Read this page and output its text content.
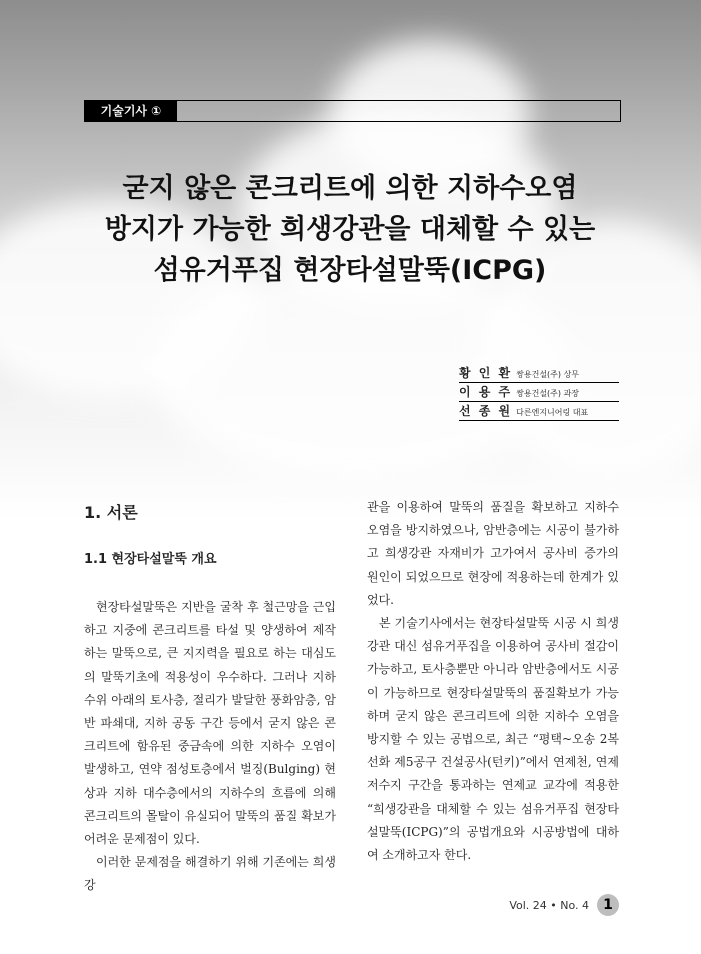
기술기사 ①
굳지 않은 콘크리트에 의한 지하수오염
방지가 가능한 희생강관을 대체할 수 있는
섬유거푸집 현장타설말뚝(ICPG)
황 인 환 쌍용건설(주) 상무
이 용 주 쌍용건설(주) 과장
선 종 원 다른엔지니어링 대표
1. 서론
1.1 현장타설말뚝 개요

현장타설말뚝은 지반을 굴착 후 철근망을 근입하고 지중에 콘크리트를 타설 및 양생하여 제작하는 말뚝으로, 큰 지지력을 필요로 하는 대심도의 말뚝기초에 적용성이 우수하다. 그러나 지하수위 아래의 토사층, 절리가 발달한 풍화암층, 암반 파쇄대, 지하 공동 구간 등에서 굳지 않은 콘크리트에 함유된 중금속에 의한 지하수 오염이 발생하고, 연약 점성토층에서 벌징(Bulging) 현상과 지하 대수층에서의 지하수의 흐름에 의해 콘크리트의 몰탈이 유실되어 말뚝의 품질 확보가 어려운 문제점이 있다.

이러한 문제점을 해결하기 위해 기존에는 희생강

관을 이용하여 말뚝의 품질을 확보하고 지하수 오염을 방지하였으나, 암반층에는 시공이 불가하고 희생강관 자재비가 고가여서 공사비 증가의 원인이 되었으므로 현장에 적용하는데 한계가 있었다.

본 기술기사에서는 현장타설말뚝 시공 시 희생강관 대신 섬유거푸집을 이용하여 공사비 절감이 가능하고, 토사층뿐만 아니라 암반층에서도 시공이 가능하므로 현장타설말뚝의 품질확보가 가능하며 굳지 않은 콘크리트에 의한 지하수 오염을 방지할 수 있는 공법으로, 최근 “평택~오송 2복선화 제5공구 건설공사(턴키)”에서 연제천, 연제저수지 구간을 통과하는 연제교 교각에 적용한 “희생강관을 대체할 수 있는 섬유거푸집 현장타설말뚝(ICPG)”의 공법개요와 시공방법에 대하여 소개하고자 한다.

Vol. 24 • No. 4	1
